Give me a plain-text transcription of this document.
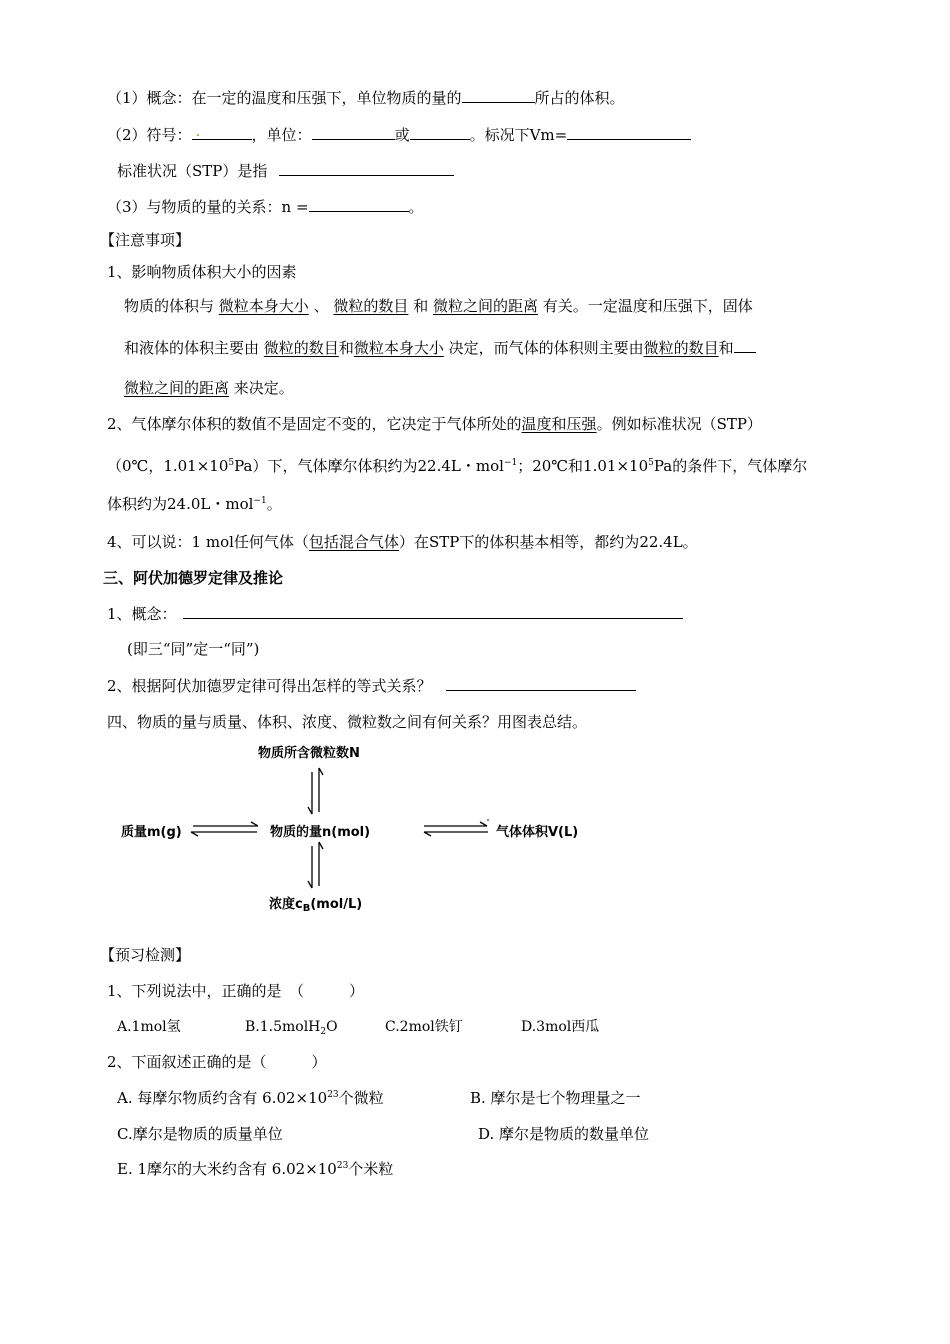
（1）概念：在一定的温度和压强下，单位物质的量的	所占的体积。
（2）符号： .	，单位：	或	。标况下Vm=
标准状况（STP）是指
（3）与物质的量的关系：n =	。
【注意事项】
1、影响物质体积大小的因素
物质的体积与 微粒本身大小 、 微粒的数目 和 微粒之间的距离 有关。一定温度和压强下，固体
和液体的体积主要由 微粒的数目和微粒本身大小 决定，而气体的体积则主要由微粒的数目和
微粒之间的距离 来决定。
2、气体摩尔体积的数值不是固定不变的，它决定于气体所处的温度和压强。例如标准状况（STP）
（0℃，$1.01\times 10^5Pa$）下，气体摩尔体积约为22.4L・mol$^{-1}$；20℃和$1.01\times 10^5Pa$的条件下，气体摩尔
体积约为24.0L・mol$^{-1}$。
4、可以说：1 mol任何气体（包括混合气体）在STP下的体积基本相等，都约为22.4L。
三、阿伏加德罗定律及推论
1、概念：
(即三“同”定一“同”)
2、根据阿伏加德罗定律可得出怎样的等式关系？
四、物质的量与质量、体积、浓度、微粒数之间有何关系？用图表总结。
物质所含微粒数N
物质的量n(mol)
质量m(g)	气体体积V(L)
浓度$c_B(mol/L)$
【预习检测】
1、下列说法中，正确的是　（　　　）
A.1mol氢	B.1.5molH$_2$O	C.2mol铁钉	D.3mol西瓜
2、下面叙述正确的是（　　　）
A. 每摩尔物质约含有 $6.02\times 10^{23}$个微粒	B. 摩尔是七个物理量之一
C.摩尔是物质的质量单位	D. 摩尔是物质的数量单位
E. 1摩尔的大米约含有 $6.02\times 10^{23}$个米粒
